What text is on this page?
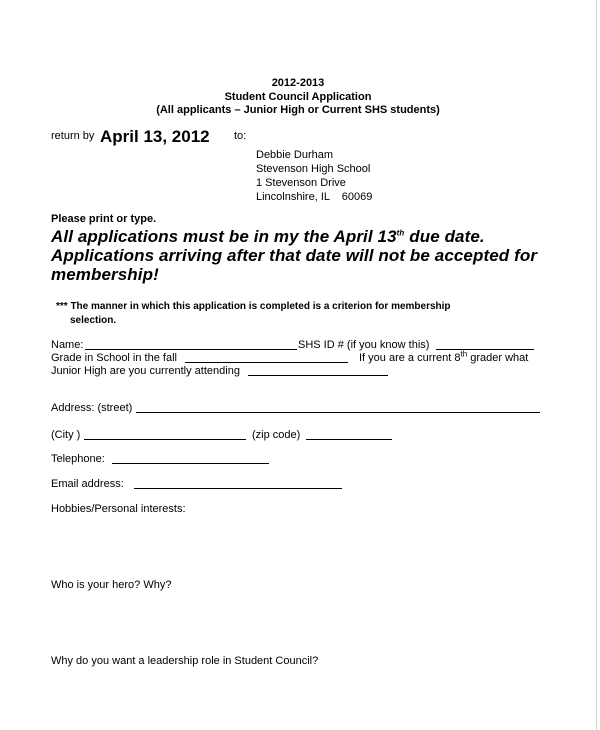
2012-2013
Student Council Application
(All applicants – Junior High or Current SHS students)
return by April 13, 2012 to:
Debbie Durham
Stevenson High School
1 Stevenson Drive
Lincolnshire, IL    60069
Please print or type.
All applications must be in my the April 13th due date.
Applications arriving after that date will not be accepted for
membership!
*** The manner in which this application is completed is a criterion for membership
selection.
Name:	SHS ID # (if you know this)
Grade in School in the fall	If you are a current 8th grader what
Junior High are you currently attending
Address: (street)
(City )	(zip code)
Telephone:
Email address:
Hobbies/Personal interests:
Who is your hero? Why?
Why do you want a leadership role in Student Council?
